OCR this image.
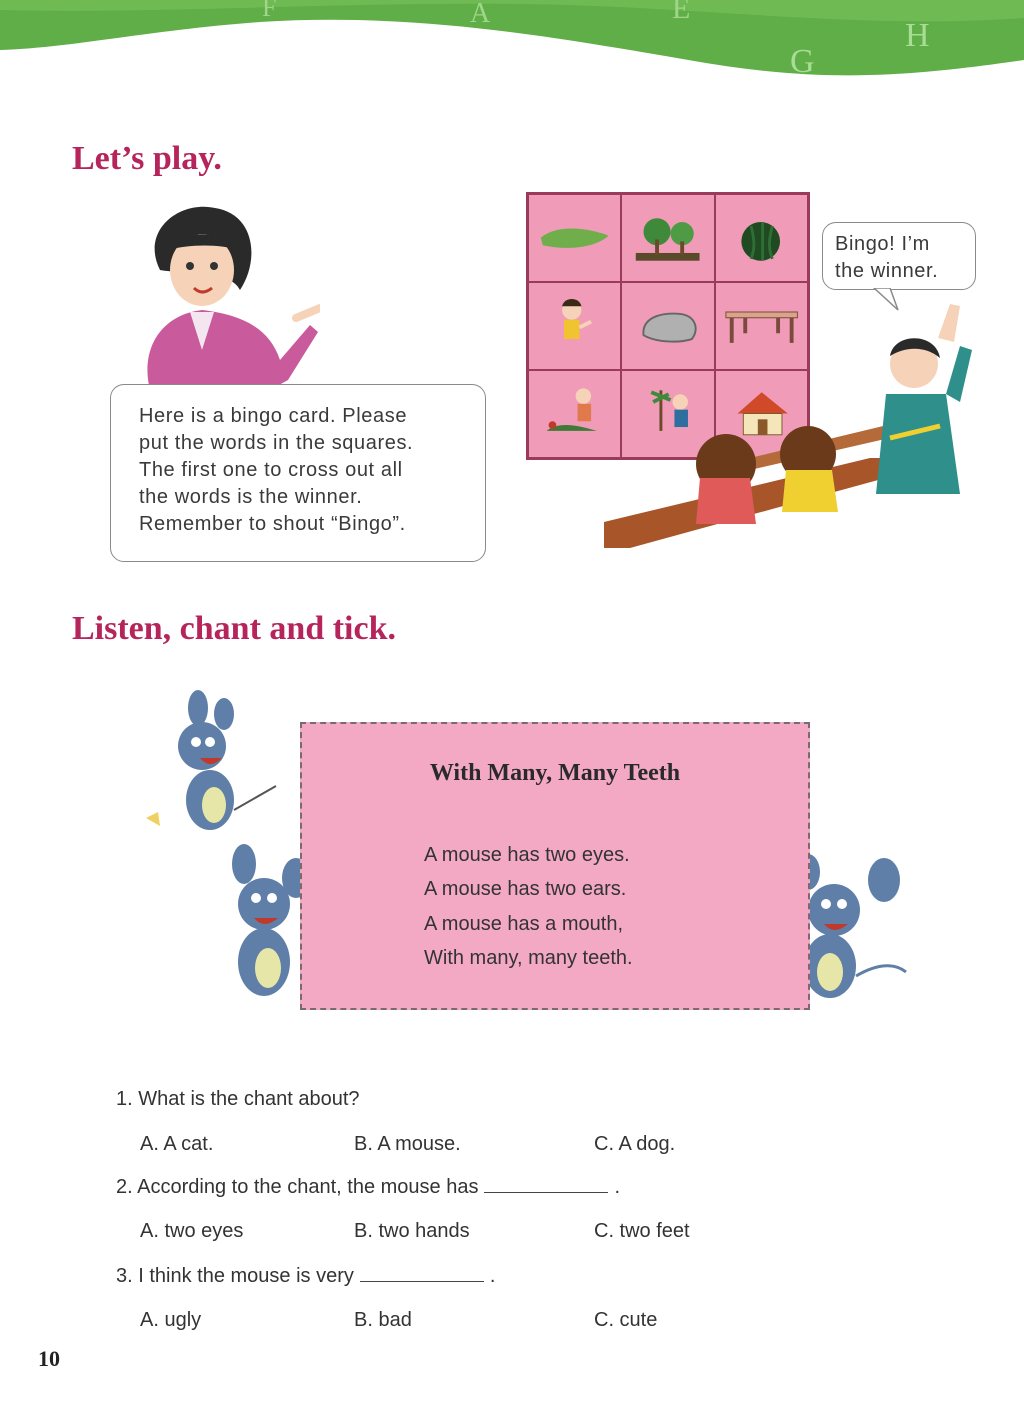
F	A	E
G
H
Let’s play.
Here is a bingo card. Please
put the words in the squares.
The first one to cross out all
the words is the winner.
Remember to shout “Bingo”.
Bingo! I’m
the winner.
Listen, chant and tick.
With Many, Many Teeth
A mouse has two eyes.
A mouse has two ears.
A mouse has a mouth,
With many, many teeth.
1. What is the chant about?
A. A cat.	B. A mouse.	C. A dog.
2. According to the chant, the mouse has	.
A. two eyes	B. two hands	C. two feet
3. I think the mouse is very	.
A. ugly	B. bad	C. cute
10
